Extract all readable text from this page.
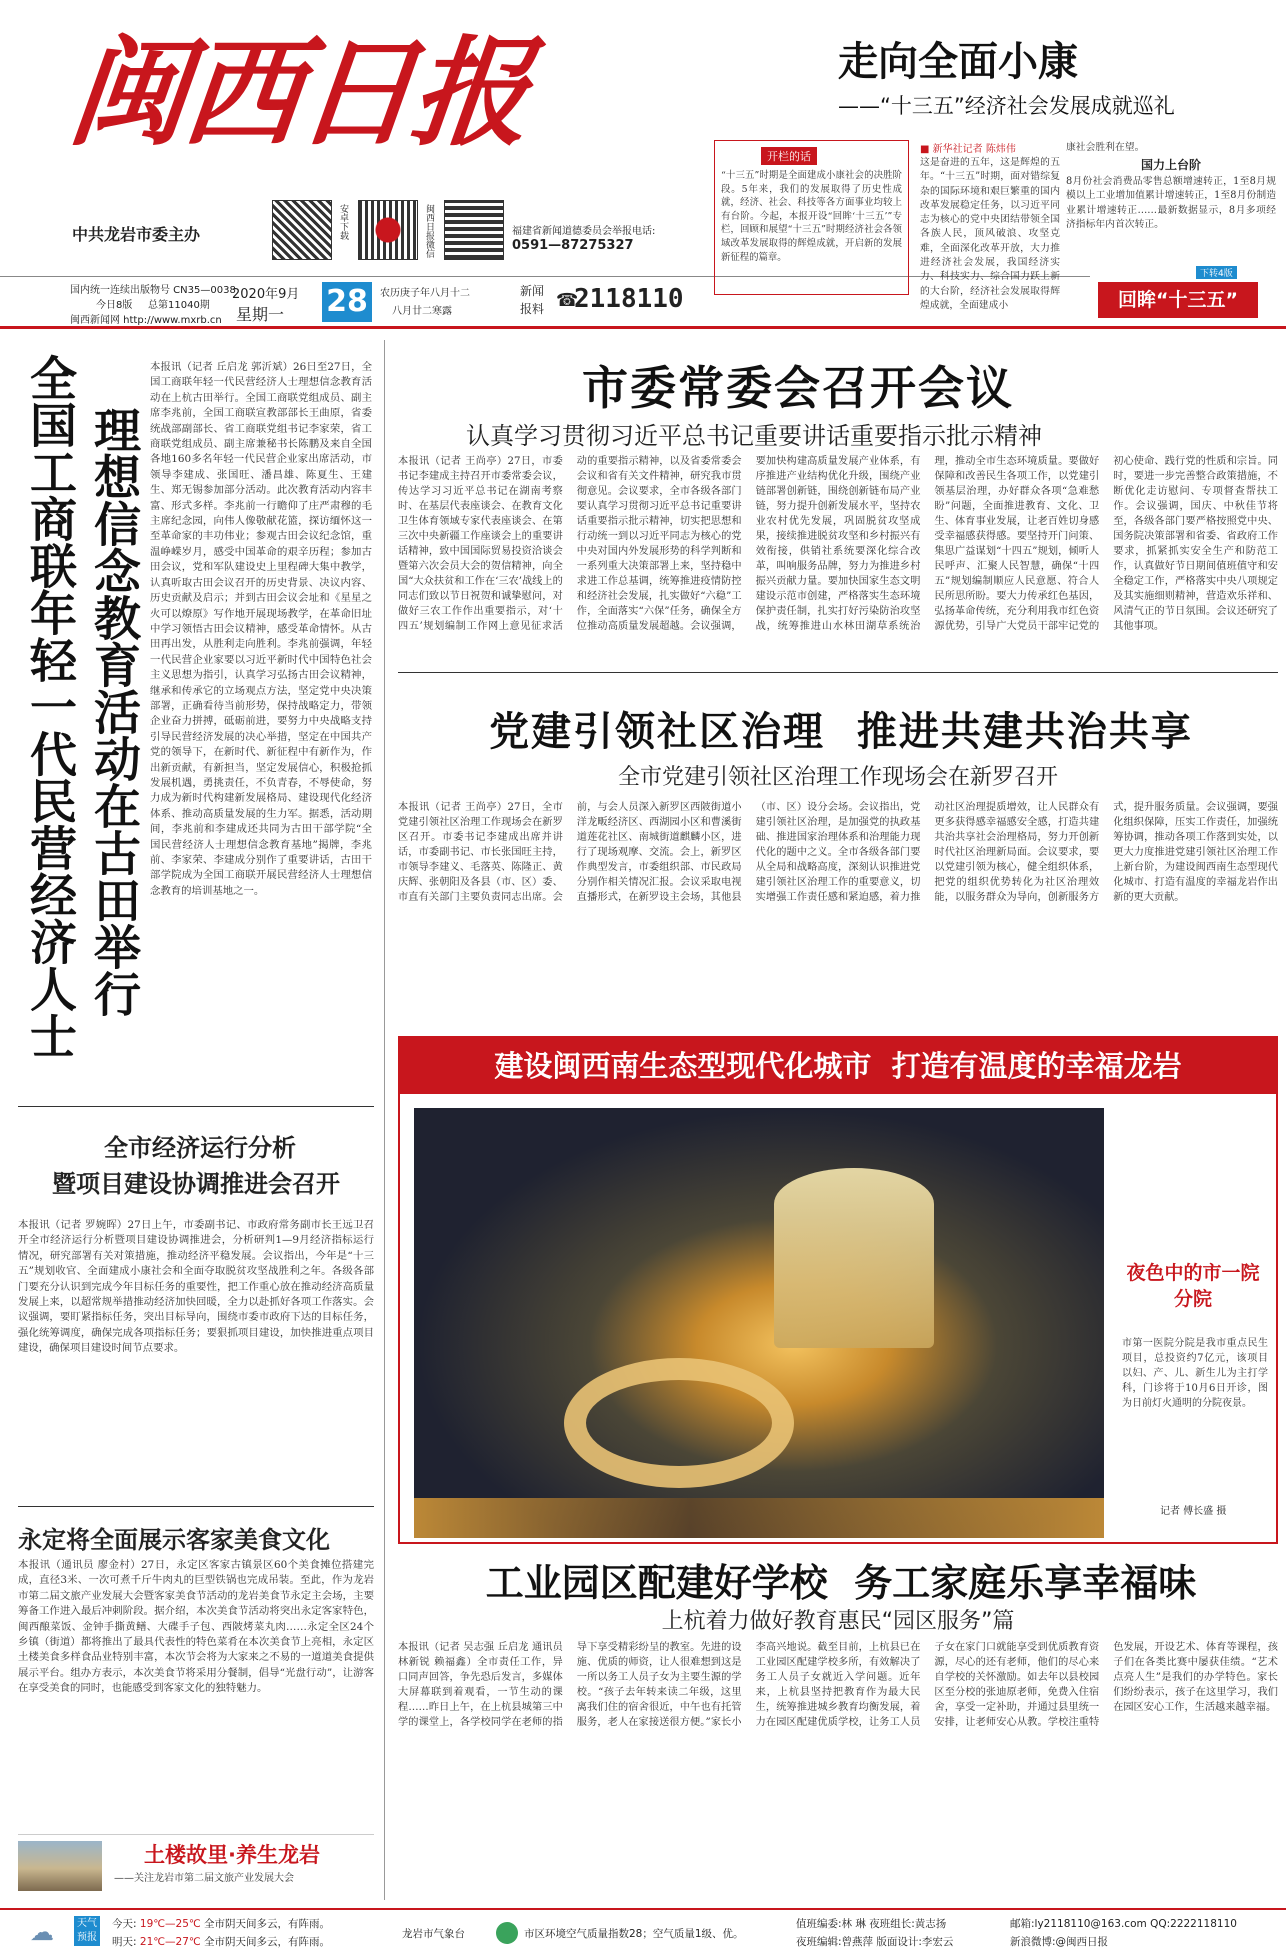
闽西日报
中共龙岩市委主办	安卓下载	闽西日报微信	福建省新闻道德委员会举报电话:
0591—87275327
国内统一连续出版物号 CN35—0038
今日8版 总第11040期
闽西新闻网 http://www.mxrb.cn
2020年9月
星期一 28	农历庚子年八月十二
八月廿二寒露
新闻
报料 ☎
2118110
走向全面小康
——“十三五”经济社会发展成就巡礼
开栏的话
“十三五”时期是全面建成小康社会的决胜阶段。5年来，我们的发展取得了历史性成就，经济、社会、科技等各方面事业均较上有台阶。今起，本报开设“回眸‘十三五’”专栏，回顾和展望“十三五”时期经济社会各领域改革发展取得的辉煌成就，开启新的发展新征程的篇章。
■ 新华社记者 陈炜伟
这是奋进的五年，这是辉煌的五年。“十三五”时期，面对错综复杂的国际环境和艰巨繁重的国内改革发展稳定任务，以习近平同志为核心的党中央团结带领全国各族人民，顶风破浪、攻坚克难，全面深化改革开放，大力推进经济社会发展，我国经济实力、科技实力、综合国力跃上新的大台阶，经济社会发展取得辉煌成就，全面建成小
康社会胜利在望。
国力上台阶
8月份社会消费品零售总额增速转正，1至8月规模以上工业增加值累计增速转正，1至8月份制造业累计增速转正……最新数据显示，8月多项经济指标年内首次转正。
下转4版
回眸“十三五”
全国工商联年轻一代民营经济人士 理想信念教育活动在古田举行
本报讯（记者 丘启龙 郭沂斌）26日至27日，全国工商联年轻一代民营经济人士理想信念教育活动在上杭古田举行。全国工商联党组成员、副主席李兆前，全国工商联宣教部部长王曲原，省委统战部副部长、省工商联党组书记李家荣，省工商联党组成员、副主席兼秘书长陈鹏及来自全国各地160多名年轻一代民营企业家出席活动，市领导李建成、张国旺、潘昌雄、陈夏生、王建生、郑无锡参加部分活动。此次教育活动内容丰富、形式多样。李兆前一行瞻仰了庄严肃穆的毛主席纪念园，向伟人像敬献花篮，探访缅怀这一至革命家的丰功伟业；参观古田会议纪念馆，重温峥嵘岁月，感受中国革命的艰辛历程；参加古田会议，党和军队建设史上里程碑大集中教学，认真听取古田会议召开的历史背景、决议内容、历史贡献及启示；并到古田会议会址和《星星之火可以燎原》写作地开展现场教学，在革命旧址中学习领悟古田会议精神，感受革命情怀。从古田再出发，从胜利走向胜利。李兆前强调，年轻一代民营企业家要以习近平新时代中国特色社会主义思想为指引，认真学习弘扬古田会议精神，继承和传承它的立场观点方法，坚定党中央决策部署，正确看待当前形势，保持战略定力，带领企业奋力拼搏，砥砺前进，要努力中央战略支持引导民营经济发展的决心举措，坚定在中国共产党的领导下，在新时代、新征程中有新作为，作出新贡献，有新担当，坚定发展信心，积极抢抓发展机遇，勇挑责任，不负青春，不辱使命，努力成为新时代构建新发展格局、建设现代化经济体系、推动高质量发展的生力军。据悉，活动期间，李兆前和李建成还共同为古田干部学院“全国民营经济人士理想信念教育基地”揭牌，李兆前、李家荣、李建成分别作了重要讲话，古田干部学院成为全国工商联开展民营经济人士理想信念教育的培训基地之一。
全市经济运行分析
暨项目建设协调推进会召开
本报讯（记者 罗婉晖）27日上午，市委副书记、市政府常务副市长王远卫召开全市经济运行分析暨项目建设协调推进会，分析研判1—9月经济指标运行情况，研究部署有关对策措施，推动经济平稳发展。会议指出，今年是“十三五”规划收官、全面建成小康社会和全面夺取脱贫攻坚战胜利之年。各级各部门要充分认识到完成今年目标任务的重要性，把工作重心放在推动经济高质量发展上来，以超常规举措推动经济加快回暖，全力以赴抓好各项工作落实。会议强调，要盯紧指标任务，突出目标导向，围绕市委市政府下达的目标任务，强化统筹调度，确保完成各项指标任务；要狠抓项目建设，加快推进重点项目建设，确保项目建设时间节点要求。
永定将全面展示客家美食文化
本报讯（通讯员 廖金村）27日，永定区客家古镇景区60个美食摊位搭建完成，直径3米、一次可煮千斤牛肉丸的巨型铁锅也完成吊装。至此，作为龙岩市第二届文旅产业发展大会暨客家美食节活动的龙岩美食节永定主会场，主要筹备工作进入最后冲刺阶段。据介绍，本次美食节活动将突出永定客家特色，闽西酿菜饭、金钟手撕黄鳝、大碟手子包、西陂烤菜丸肉……永定全区24个乡镇（街道）都将推出了最具代表性的特色菜肴在本次美食节上亮相，永定区土楼美食多样食品业特别丰富，本次节会将为大家来之不易的一道道美食提供展示平台。组办方表示，本次美食节将采用分餐制，倡导“光盘行动”，让游客在享受美食的同时，也能感受到客家文化的独特魅力。
土楼故里·养生龙岩
——关注龙岩市第二届文旅产业发展大会
市委常委会召开会议
认真学习贯彻习近平总书记重要讲话重要指示批示精神
本报讯（记者 王尚亭）27日，市委书记李建成主持召开市委常委会议，传达学习习近平总书记在湖南考察时、在基层代表座谈会、在教育文化卫生体育领域专家代表座谈会、在第三次中央新疆工作座谈会上的重要讲话精神，致中国国际贸易投资洽谈会暨第六次会员大会的贺信精神，向全国“大众扶贫和工作在‘三农’战线上的同志们致以节日祝贺和诚挚慰问，对做好三农工作作出重要指示，对‘十四五’规划编制工作网上意见征求活动的重要指示精神，以及省委常委会会议和省有关文件精神，研究我市贯彻意见。会议要求，全市各级各部门要认真学习贯彻习近平总书记重要讲话重要指示批示精神，切实把思想和行动统一到以习近平同志为核心的党中央对国内外发展形势的科学判断和一系列重大决策部署上来，坚持稳中求进工作总基调，统筹推进疫情防控和经济社会发展，扎实做好“六稳”工作，全面落实“六保”任务，确保全方位推动高质量发展超越。会议强调，要加快构建高质量发展产业体系，有序推进产业结构优化升级，围绕产业链部署创新链，围绕创新链布局产业链，努力提升创新发展水平，坚持农业农村优先发展，巩固脱贫攻坚成果，接续推进脱贫攻坚和乡村振兴有效衔接，供销社系统要深化综合改革，叫响服务品牌，努力为推进乡村振兴贡献力量。要加快国家生态文明建设示范市创建，严格落实生态环境保护责任制，扎实打好污染防治攻坚战，统筹推进山水林田湖草系统治理，推动全市生态环境质量。要做好保障和改善民生各项工作，以党建引领基层治理，办好群众各项“急难愁盼”问题，全面推进教育、文化、卫生、体育事业发展，让老百姓切身感受幸福感获得感。要坚持开门问策、集思广益谋划“十四五”规划，倾听人民呼声、汇聚人民智慧，确保“十四五”规划编制顺应人民意愿、符合人民所思所盼。要大力传承红色基因，弘扬革命传统，充分利用我市红色资源优势，引导广大党员干部牢记党的初心使命、践行党的性质和宗旨。同时，要进一步完善整合政策措施，不断优化走访慰问、专项督查帮扶工作。会议强调，国庆、中秋佳节将至，各级各部门要严格按照党中央、国务院决策部署和省委、省政府工作要求，抓紧抓实安全生产和防范工作，认真做好节日期间值班值守和安全稳定工作，严格落实中央八项规定及其实施细则精神，营造欢乐祥和、风清气正的节日氛围。会议还研究了其他事项。
党建引领社区治理  推进共建共治共享
全市党建引领社区治理工作现场会在新罗召开
本报讯（记者 王尚亭）27日，全市党建引领社区治理工作现场会在新罗区召开。市委书记李建成出席并讲话，市委副书记、市长张国旺主持，市领导李建义、毛落英、陈隆正、黄庆辉、张朝阳及各县（市、区）委、市直有关部门主要负责同志出席。会前，与会人员深入新罗区西陂街道小洋龙畈经济区、西湖园小区和曹溪街道莲花社区、南城街道麒麟小区，进行了现场观摩、交流。会上，新罗区作典型发言，市委组织部、市民政局分别作相关情况汇报。会议采取电视直播形式，在新罗设主会场，其他县（市、区）设分会场。会议指出，党建引领社区治理，是加强党的执政基础、推进国家治理体系和治理能力现代化的题中之义。全市各级各部门要从全局和战略高度，深刻认识推进党建引领社区治理工作的重要意义，切实增强工作责任感和紧迫感，着力推动社区治理提质增效，让人民群众有更多获得感幸福感安全感，打造共建共治共享社会治理格局，努力开创新时代社区治理新局面。会议要求，要以党建引领为核心，健全组织体系，把党的组织优势转化为社区治理效能，以服务群众为导向，创新服务方式，提升服务质量。会议强调，要强化组织保障，压实工作责任，加强统筹协调，推动各项工作落到实处，以更大力度推进党建引领社区治理工作上新台阶，为建设闽西南生态型现代化城市、打造有温度的幸福龙岩作出新的更大贡献。
建设闽西南生态型现代化城市  打造有温度的幸福龙岩
夜色中的市一院分院
市第一医院分院是我市重点民生项目，总投资约7亿元，该项目以妇、产、儿、新生儿为主打学科，门诊将于10月6日开诊，图为日前灯火通明的分院夜景。
记者 傅长盛 摄
工业园区配建好学校  务工家庭乐享幸福味
上杭着力做好教育惠民“园区服务”篇
本报讯（记者 吴志强 丘启龙 通讯员 林新锐 赖福鑫）全市责任工作，异口同声回答，争先恐后发言，多媒体大屏幕联到着观看，一节生动的课程……昨日上午，在上杭县城第三中学的课堂上，各学校同学在老师的指导下享受精彩纷呈的教室。先进的设施、优质的师资，让人很难想到这是一所以务工人员子女为主要生源的学校。“孩子去年转来读二年级，这里离我们住的宿舍很近，中午也有托管服务，老人在家接送很方便。”家长小李高兴地说。截至目前，上杭县已在工业园区配建学校多所，有效解决了务工人员子女就近入学问题。近年来，上杭县坚持把教育作为最大民生，统筹推进城乡教育均衡发展，着力在园区配建优质学校，让务工人员子女在家门口就能享受到优质教育资源，尽心的还有老师，他们的尽心来自学校的关怀激励。如去年以县校园区至分校的张迪原老师，免费入住宿舍，享受一定补助，并通过县里统一安排，让老师安心从教。学校注重特色发展，开设艺术、体育等课程，孩子们在各类比赛中屡获佳绩。“艺术点亮人生”是我们的办学特色。家长们纷纷表示，孩子在这里学习，我们在园区安心工作，生活越来越幸福。
☁	天气
预报
今天: 19℃—25℃ 全市阴天间多云，有阵雨。
明天: 21℃—27℃ 全市阴天间多云，有阵雨。
龙岩市气象台	市区环境空气质量指数28；空气质量1级、优。
值班编委:林 琳 夜班组长:黄志扬
夜班编辑:曾燕萍 版面设计:李宏云
邮箱:ly2118110@163.com QQ:2222118110
新浪微博:@闽西日报
